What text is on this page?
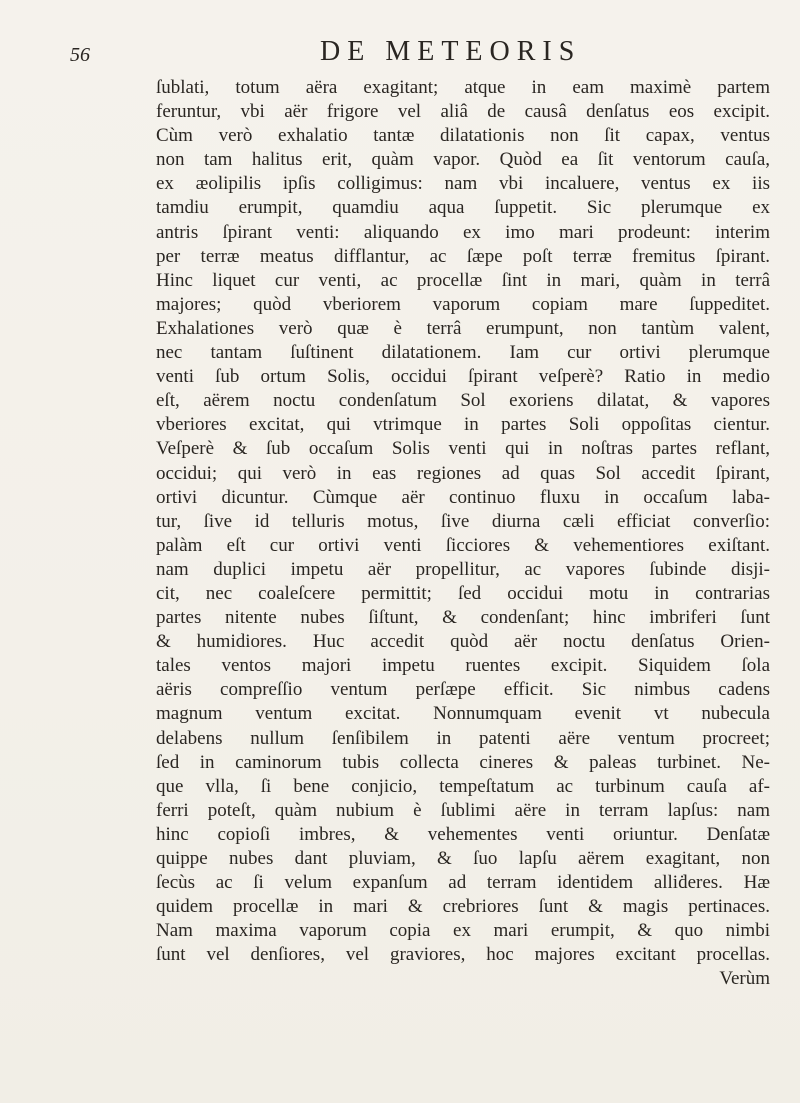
56	DE METEORIS
ſublati, totum aëra exagitant; atque in eam maximè partem
feruntur, vbi aër frigore vel aliâ de causâ denſatus eos excipit.
Cùm verò exhalatio tantæ dilatationis non ſit capax, ventus
non tam halitus erit, quàm vapor. Quòd ea ſit ventorum cauſa,
ex æolipilis ipſis colligimus: nam vbi incaluere, ventus ex iis
tamdiu erumpit, quamdiu aqua ſuppetit. Sic plerumque ex
antris ſpirant venti: aliquando ex imo mari prodeunt: interim
per terræ meatus difflantur, ac ſæpe poſt terræ fremitus ſpirant.
Hinc liquet cur venti, ac procellæ ſint in mari, quàm in terrâ
majores; quòd vberiorem vaporum copiam mare ſuppeditet.
Exhalationes verò quæ è terrâ erumpunt, non tantùm valent,
nec tantam ſuſtinent dilatationem. Iam cur ortivi plerumque
venti ſub ortum Solis, occidui ſpirant veſperè? Ratio in medio
eſt, aërem noctu condenſatum Sol exoriens dilatat, & vapores
vberiores excitat, qui vtrimque in partes Soli oppoſitas cientur.
Veſperè & ſub occaſum Solis venti qui in noſtras partes reflant,
occidui; qui verò in eas regiones ad quas Sol accedit ſpirant,
ortivi dicuntur. Cùmque aër continuo fluxu in occaſum laba-
tur, ſive id telluris motus, ſive diurna cæli efficiat converſio:
palàm eſt cur ortivi venti ſicciores & vehementiores exiſtant.
nam duplici impetu aër propellitur, ac vapores ſubinde disji-
cit, nec coaleſcere permittit; ſed occidui motu in contrarias
partes nitente nubes ſiſtunt, & condenſant; hinc imbriferi ſunt
& humidiores. Huc accedit quòd aër noctu denſatus Orien-
tales ventos majori impetu ruentes excipit. Siquidem ſola
aëris compreſſio ventum perſæpe efficit. Sic nimbus cadens
magnum ventum excitat. Nonnumquam evenit vt nubecula
delabens nullum ſenſibilem in patenti aëre ventum procreet;
ſed in caminorum tubis collecta cineres & paleas turbinet. Ne-
que vlla, ſi bene conjicio, tempeſtatum ac turbinum cauſa af-
ferri poteſt, quàm nubium è ſublimi aëre in terram lapſus: nam
hinc copioſi imbres, & vehementes venti oriuntur. Denſatæ
quippe nubes dant pluviam, & ſuo lapſu aërem exagitant, non
ſecùs ac ſi velum expanſum ad terram identidem alliḋeres. Hæ
quidem procellæ in mari & crebriores ſunt & magis pertinaces.
Nam maxima vaporum copia ex mari erumpit, & quo nimbi
ſunt vel denſiores, vel graviores, hoc majores excitant procellas.
Verùm
